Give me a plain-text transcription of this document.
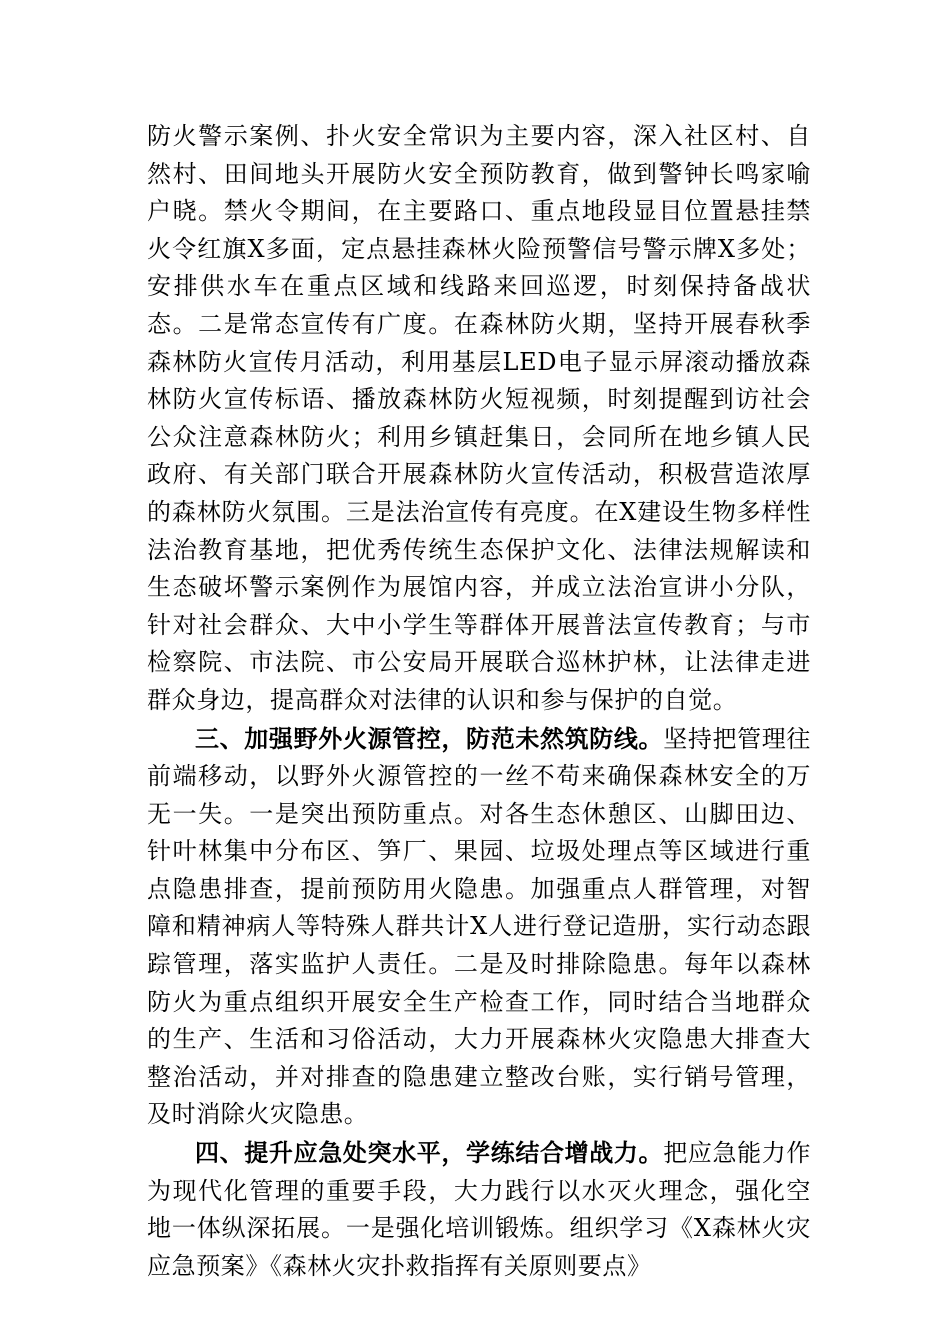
防火警示案例、扑火安全常识为主要内容，深入社区村、自然村、田间地头开展防火安全预防教育，做到警钟长鸣家喻户晓。禁火令期间，在主要路口、重点地段显目位置悬挂禁火令红旗X多面，定点悬挂森林火险预警信号警示牌X多处；安排供水车在重点区域和线路来回巡逻，时刻保持备战状态。二是常态宣传有广度。在森林防火期，坚持开展春秋季森林防火宣传月活动，利用基层LED电子显示屏滚动播放森林防火宣传标语、播放森林防火短视频，时刻提醒到访社会公众注意森林防火；利用乡镇赶集日，会同所在地乡镇人民政府、有关部门联合开展森林防火宣传活动，积极营造浓厚的森林防火氛围。三是法治宣传有亮度。在X建设生物多样性法治教育基地，把优秀传统生态保护文化、法律法规解读和生态破坏警示案例作为展馆内容，并成立法治宣讲小分队，针对社会群众、大中小学生等群体开展普法宣传教育；与市检察院、市法院、市公安局开展联合巡林护林，让法律走进群众身边，提高群众对法律的认识和参与保护的自觉。

三、加强野外火源管控，防范未然筑防线。坚持把管理往前端移动，以野外火源管控的一丝不苟来确保森林安全的万无一失。一是突出预防重点。对各生态休憩区、山脚田边、针叶林集中分布区、笋厂、果园、垃圾处理点等区域进行重点隐患排查，提前预防用火隐患。加强重点人群管理，对智障和精神病人等特殊人群共计X人进行登记造册，实行动态跟踪管理，落实监护人责任。二是及时排除隐患。每年以森林防火为重点组织开展安全生产检查工作，同时结合当地群众的生产、生活和习俗活动，大力开展森林火灾隐患大排查大整治活动，并对排查的隐患建立整改台账，实行销号管理，及时消除火灾隐患。

四、提升应急处突水平，学练结合增战力。把应急能力作为现代化管理的重要手段，大力践行以水灭火理念，强化空地一体纵深拓展。一是强化培训锻炼。组织学习《X森林火灾应急预案》《森林火灾扑救指挥有关原则要点》
